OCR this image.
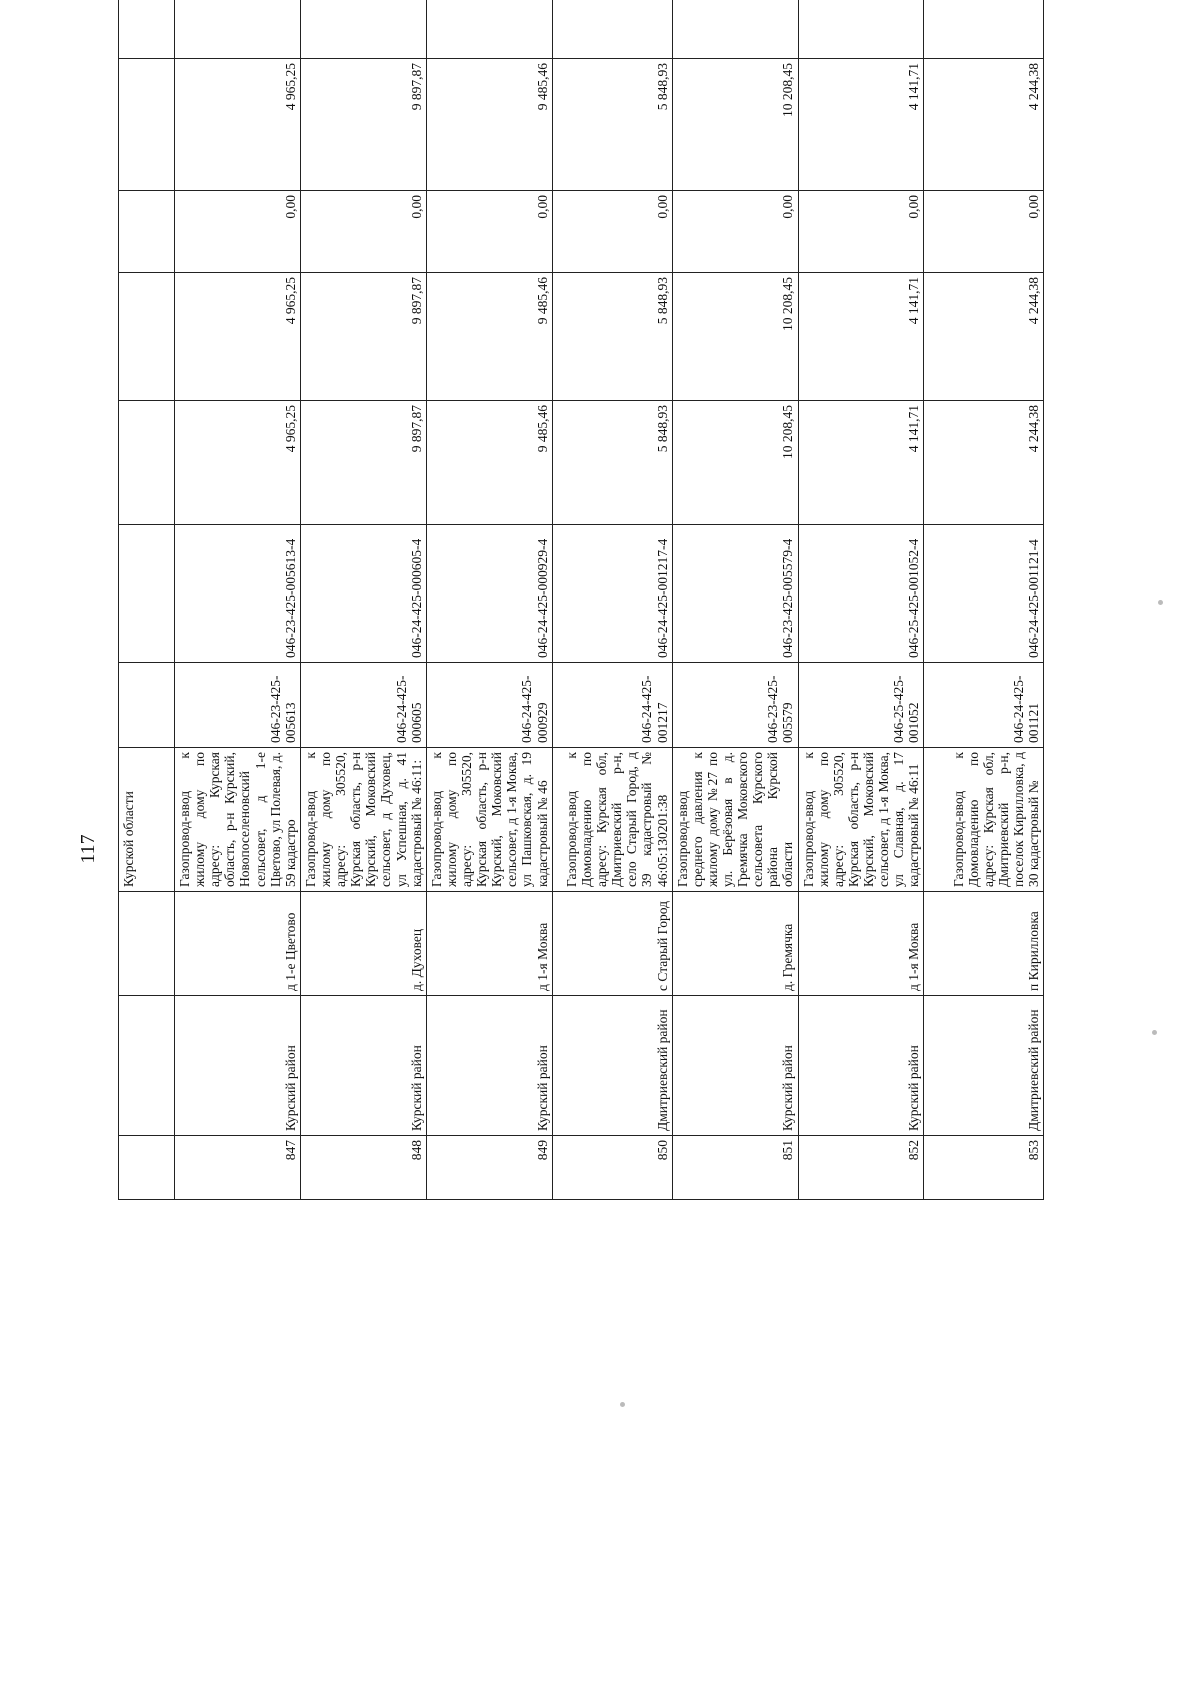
117
			Курской области								
847	Курский район	д 1-е Цветово	Газопровод-ввод к жилому дому по адресу: Курская область, р-н Курский, Новопоселеновский сельсовет, д 1-е Цветово, ул Полевая, д. 59 кадастро	046-23-425-005613	046-23-425-005613-4	4 965,25	4 965,25	0,00	4 965,25		
848	Курский район	д. Духовец	Газопровод-ввод к жилому дому по адресу: 305520, Курская область, р-н Курский, Моковский сельсовет, д Духовец, ул Успешная, д. 41 кадастровый № 46:11:	046-24-425-000605	046-24-425-000605-4	9 897,87	9 897,87	0,00	9 897,87		
849	Курский район	д 1-я Моква	Газопровод-ввод к жилому дому по адресу: 305520, Курская область, р-н Курский, Моковский сельсовет, д 1-я Моква, ул Пашковская, д. 19 кадастровый № 46	046-24-425-000929	046-24-425-000929-4	9 485,46	9 485,46	0,00	9 485,46		
850	Дмитриевский район	с Старый Город	Газопровод-ввод к Домовладению по адресу: Курская обл, Дмитриевский р-н, село Старый Город, д 39 кадастровый № 46:05:130201:38	046-24-425-001217	046-24-425-001217-4	5 848,93	5 848,93	0,00	5 848,93		
851	Курский район	д. Гремячка	Газопровод-ввод среднего давления к жилому дому №27 по ул. Берёзовая в д. Гремячка Моковского сельсовета Курского района Курской области	046-23-425-005579	046-23-425-005579-4	10 208,45	10 208,45	0,00	10 208,45		
852	Курский район	д 1-я Моква	Газопровод-ввод к жилому дому по адресу: 305520, Курская область, р-н Курский, Моковский сельсовет, д 1-я Моква, ул Славная, д. 17 кадастровый № 46:11	046-25-425-001052	046-25-425-001052-4	4 141,71	4 141,71	0,00	4 141,71		
853	Дмитриевский район	п Кирилловка	Газопровод-ввод к Домовладению по адресу: Курская обл, Дмитриевский р-н, поселок Кирилловка, д 30 кадастровый №	046-24-425-001121	046-24-425-001121-4	4 244,38	4 244,38	0,00	4 244,38		
